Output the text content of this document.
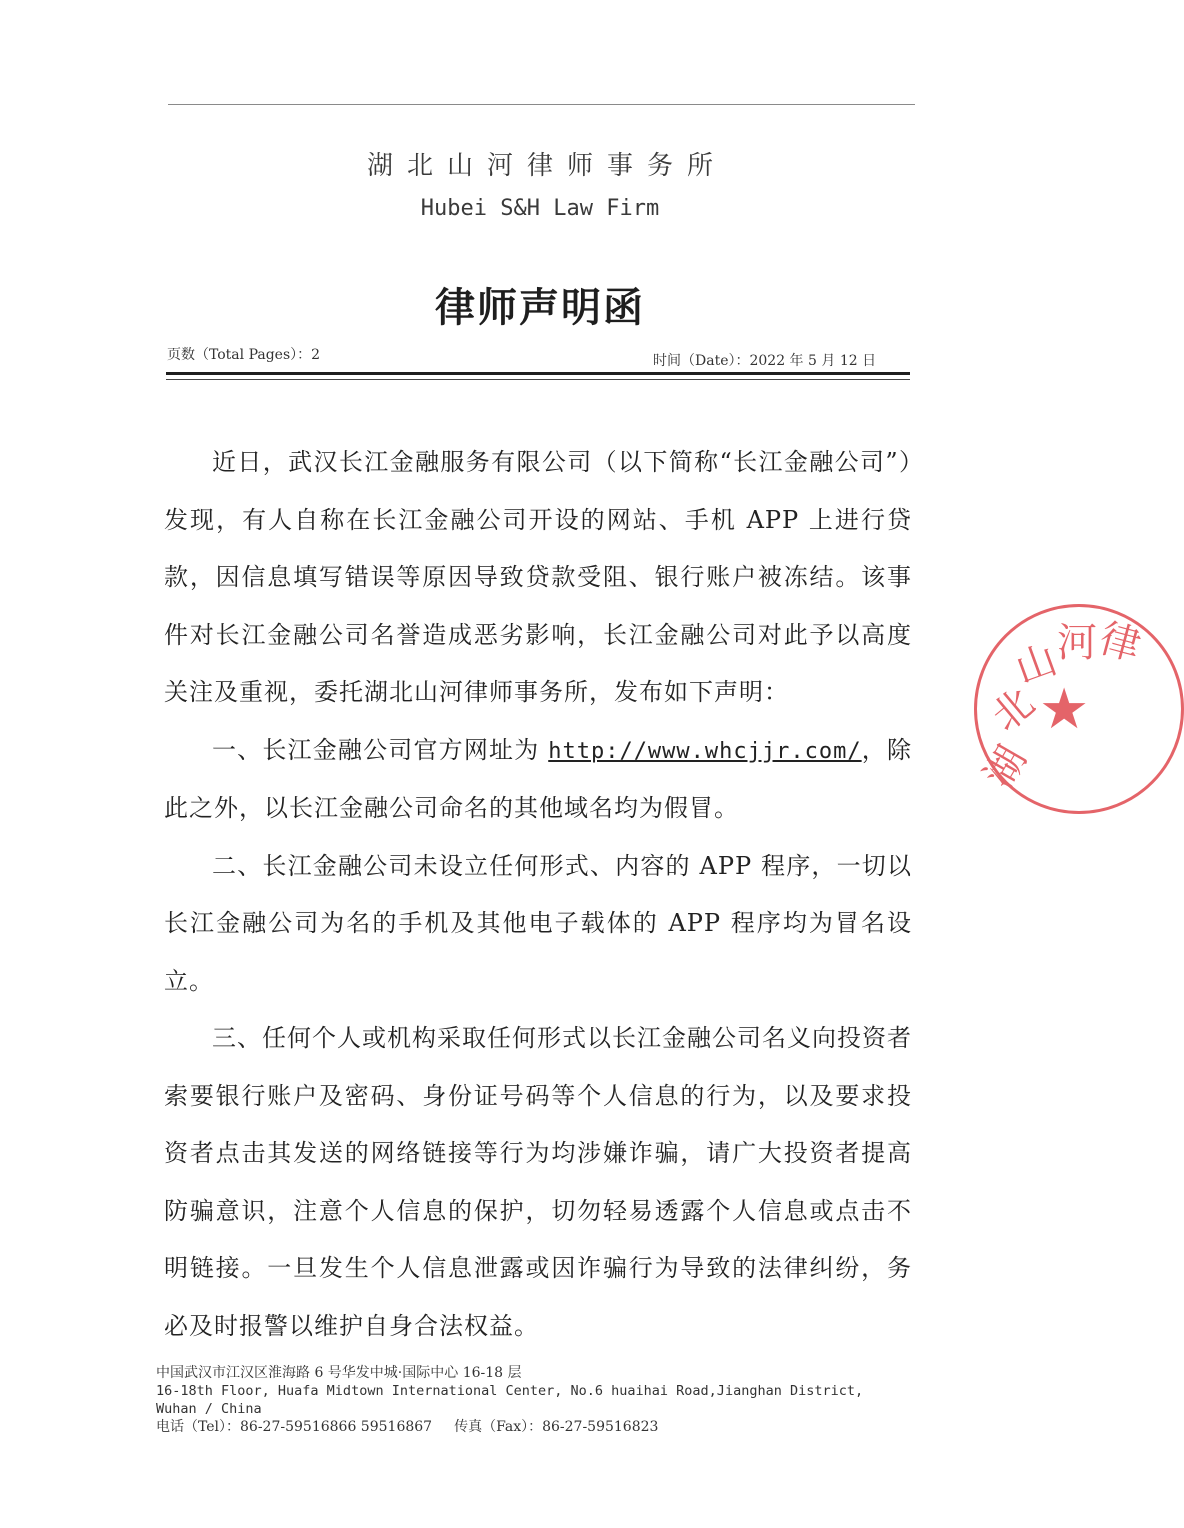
湖北山河律师事务所
Hubei S&H Law Firm
律师声明函
页数（Total Pages）：2	时间（Date）：2022 年 5 月 12 日

近日，武汉长江金融服务有限公司（以下简称“长江金融公司”）发现，有人自称在长江金融公司开设的网站、手机 APP 上进行贷款，因信息填写错误等原因导致贷款受阻、银行账户被冻结。该事件对长江金融公司名誉造成恶劣影响，长江金融公司对此予以高度关注及重视，委托湖北山河律师事务所，发布如下声明：

一、长江金融公司官方网址为 http://www.whcjjr.com/，除此之外，以长江金融公司命名的其他域名均为假冒。

二、长江金融公司未设立任何形式、内容的 APP 程序，一切以长江金融公司为名的手机及其他电子载体的 APP 程序均为冒名设立。

三、任何个人或机构采取任何形式以长江金融公司名义向投资者索要银行账户及密码、身份证号码等个人信息的行为，以及要求投资者点击其发送的网络链接等行为均涉嫌诈骗，请广大投资者提高防骗意识，注意个人信息的保护，切勿轻易透露个人信息或点击不明链接。一旦发生个人信息泄露或因诈骗行为导致的法律纠纷，务必及时报警以维护自身合法权益。

中国武汉市江汉区淮海路 6 号华发中城·国际中心 16-18 层
16-18th Floor, Huafa Midtown International Center, No.6 huaihai Road,Jianghan District, Wuhan / China
电话（Tel）：86-27-59516866 59516867 传真（Fax）：86-27-59516823
湖
北
山
河
律
★
